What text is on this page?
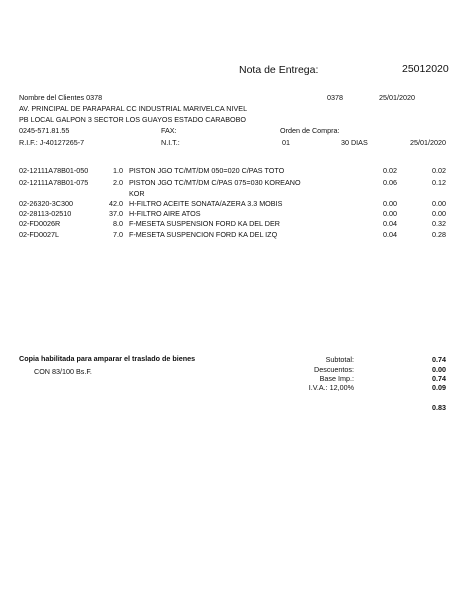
Nota de Entrega:	25012020
Nombre del Clientes 0378	0378	25/01/2020
AV. PRINCIPAL DE PARAPARAL CC INDUSTRIAL MARIVELCA NIVEL
PB LOCAL GALPON 3 SECTOR LOS GUAYOS ESTADO CARABOBO
0245-571.81.55	FAX:	Orden de Compra:
R.I.F.: J-40127265-7	N.I.T.:	01	30 DIAS	25/01/2020
02-12111A78B01-050	1.0 PISTON JGO TC/MT/DM 050=020 C/PAS TOTO	0.02	0.02
02-12111A78B01-075	2.0 PISTON JGO TC/MT/DM C/PAS 075=030 KOREANO	0.06	0.12
KOR
02-26320-3C300	42.0 H-FILTRO ACEITE SONATA/AZERA 3.3 MOBIS	0.00	0.00
02-28113-02510	37.0 H-FILTRO AIRE ATOS	0.00	0.00
02-FD0026R	8.0 F-MESETA SUSPENSION FORD KA DEL DER	0.04	0.32
02-FD0027L	7.0 F-MESETA SUSPENCION FORD KA DEL IZQ	0.04	0.28
Copia habilitada para amparar el traslado de bienes
CON 83/100 Bs.F.
Subtotal:	0.74
Descuentos:	0.00
Base Imp.:	0.74
I.V.A.: 12,00%	0.09
0.83
